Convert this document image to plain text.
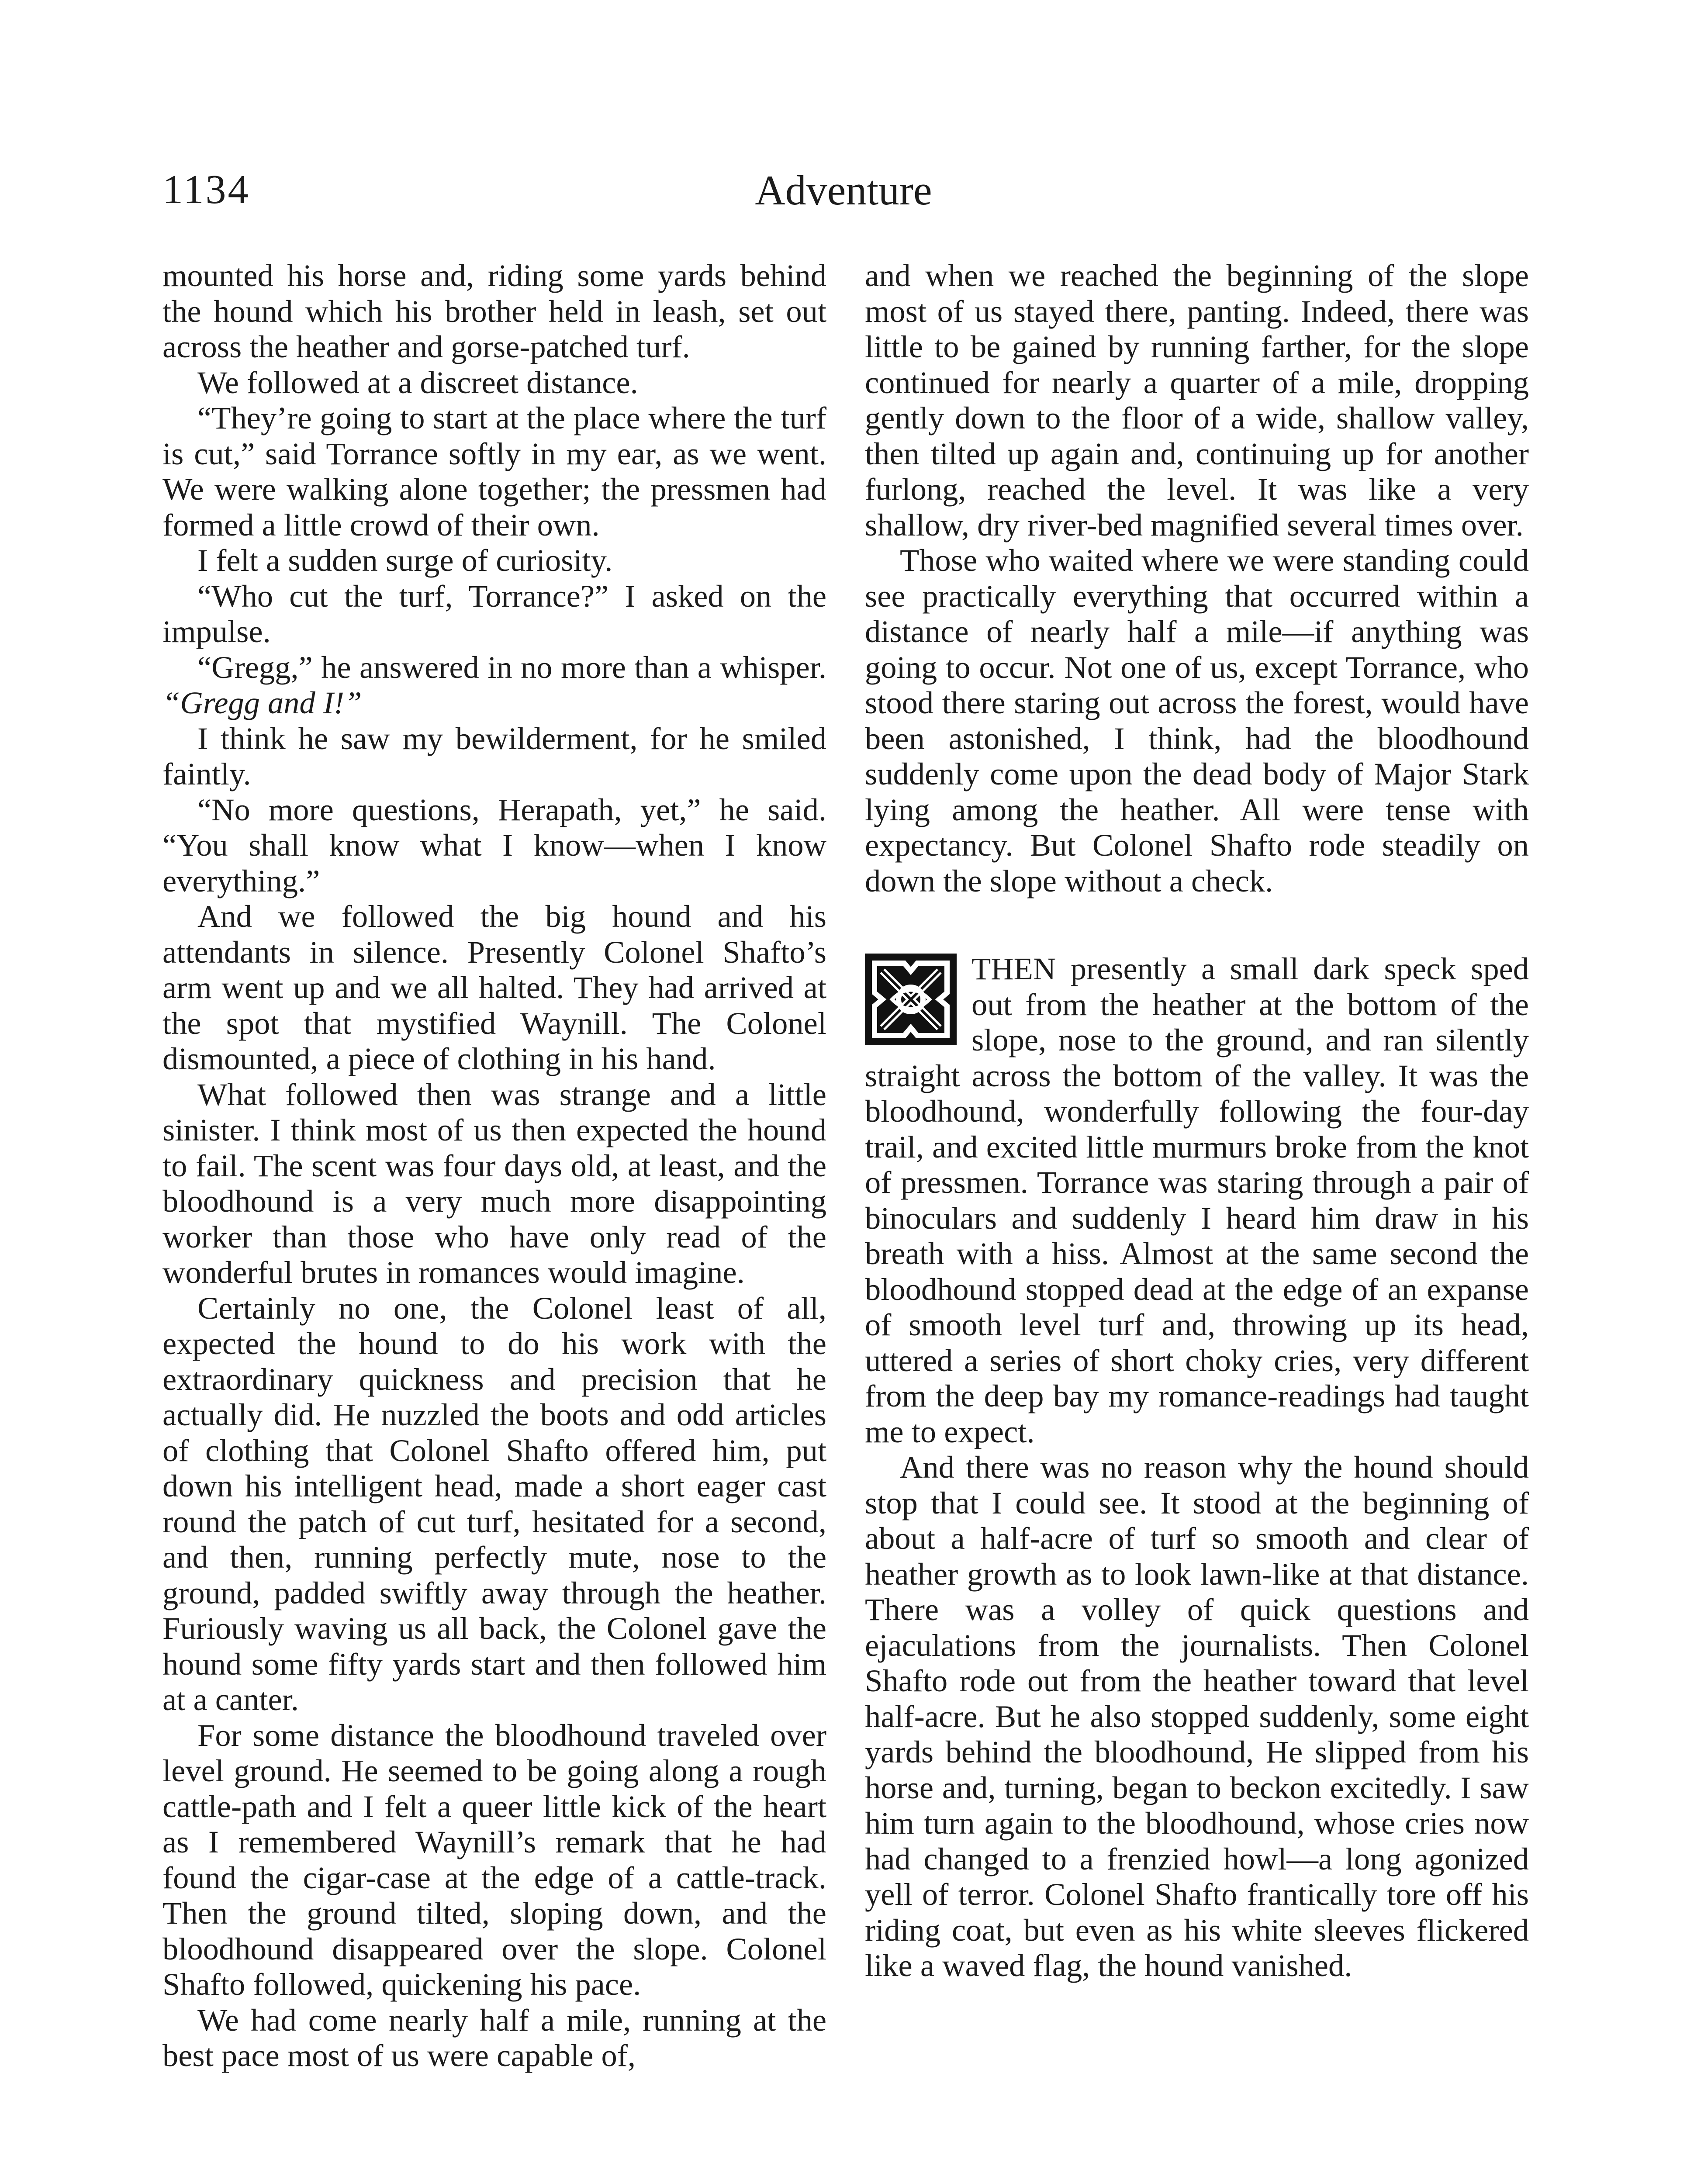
1134	Adventure

mounted his horse and, riding some yards behind the hound which his brother held in leash, set out across the heather and gorse-patched turf.

We followed at a discreet distance.

“They’re going to start at the place where the turf is cut,” said Torrance softly in my ear, as we went. We were walking alone together; the pressmen had formed a little crowd of their own.

I felt a sudden surge of curiosity.

“Who cut the turf, Torrance?” I asked on the impulse.

“Gregg,” he answered in no more than a whisper. “Gregg and I!”

I think he saw my bewilderment, for he smiled faintly.

“No more questions, Herapath, yet,” he said. “You shall know what I know—when I know everything.”

And we followed the big hound and his attendants in silence. Presently Colonel Shafto’s arm went up and we all halted. They had arrived at the spot that mystified Waynill. The Colonel dismounted, a piece of clothing in his hand.

What followed then was strange and a little sinister. I think most of us then expected the hound to fail. The scent was four days old, at least, and the bloodhound is a very much more disappointing worker than those who have only read of the wonderful brutes in romances would imagine.

Certainly no one, the Colonel least of all, expected the hound to do his work with the extraordinary quickness and precision that he actually did. He nuzzled the boots and odd articles of clothing that Colonel Shafto offered him, put down his intelligent head, made a short eager cast round the patch of cut turf, hesitated for a second, and then, running perfectly mute, nose to the ground, padded swiftly away through the heather. Furiously waving us all back, the Colonel gave the hound some fifty yards start and then followed him at a canter.

For some distance the bloodhound traveled over level ground. He seemed to be going along a rough cattle-path and I felt a queer little kick of the heart as I remembered Waynill’s remark that he had found the cigar-case at the edge of a cattle-track. Then the ground tilted, sloping down, and the bloodhound disappeared over the slope. Colonel Shafto followed, quickening his pace.

We had come nearly half a mile, running at the best pace most of us were capable of,

and when we reached the beginning of the slope most of us stayed there, panting. Indeed, there was little to be gained by running farther, for the slope continued for nearly a quarter of a mile, dropping gently down to the floor of a wide, shallow valley, then tilted up again and, continuing up for another furlong, reached the level. It was like a very shallow, dry river-bed magnified several times over.

Those who waited where we were standing could see practically everything that occurred within a distance of nearly half a mile—if anything was going to occur. Not one of us, except Torrance, who stood there staring out across the forest, would have been astonished, I think, had the bloodhound suddenly come upon the dead body of Major Stark lying among the heather. All were tense with expectancy. But Colonel Shafto rode steadily on down the slope without a check.

THEN presently a small dark speck sped out from the heather at the bottom of the slope, nose to the ground, and ran silently straight across the bottom of the valley. It was the bloodhound, wonderfully following the four-day trail, and excited little murmurs broke from the knot of pressmen. Torrance was staring through a pair of binoculars and suddenly I heard him draw in his breath with a hiss. Almost at the same second the bloodhound stopped dead at the edge of an expanse of smooth level turf and, throwing up its head, uttered a series of short choky cries, very different from the deep bay my romance-readings had taught me to expect.

And there was no reason why the hound should stop that I could see. It stood at the beginning of about a half-acre of turf so smooth and clear of heather growth as to look lawn-like at that distance. There was a volley of quick questions and ejaculations from the journalists. Then Colonel Shafto rode out from the heather toward that level half-acre. But he also stopped suddenly, some eight yards behind the bloodhound, He slipped from his horse and, turning, began to beckon excitedly. I saw him turn again to the bloodhound, whose cries now had changed to a frenzied howl—a long agonized yell of terror. Colonel Shafto frantically tore off his riding coat, but even as his white sleeves flickered like a waved flag, the hound vanished.
